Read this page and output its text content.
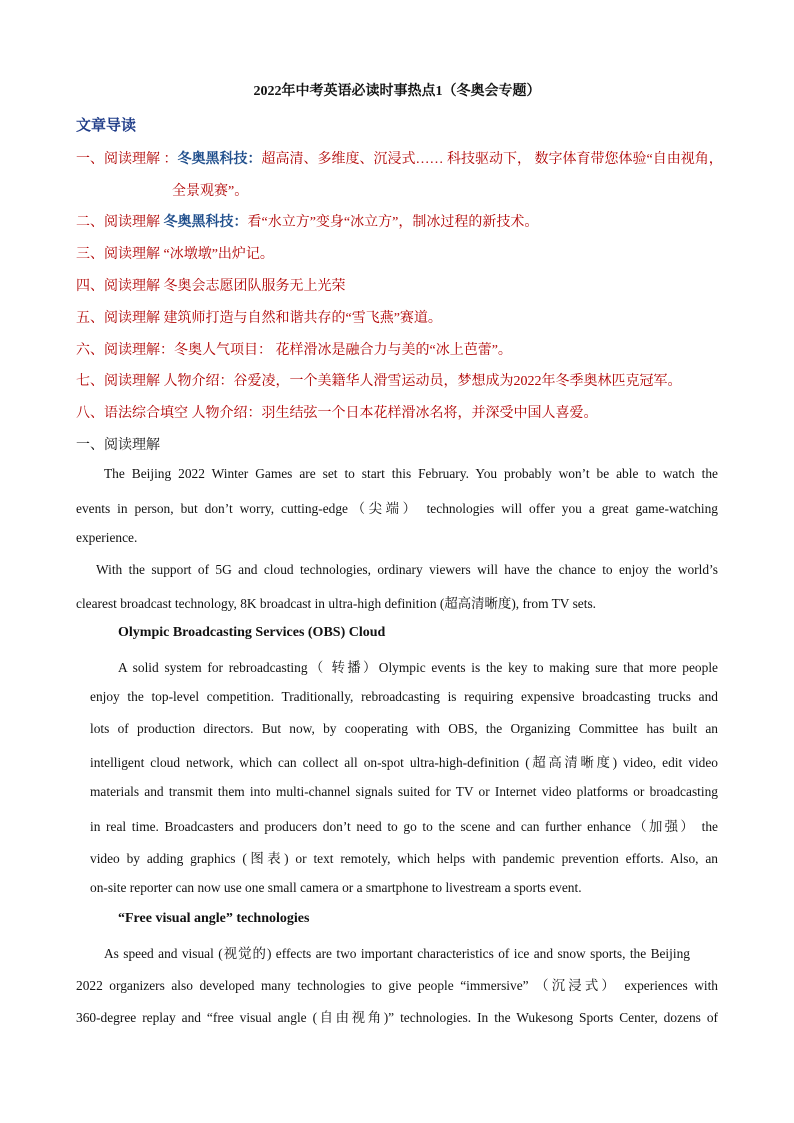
2022年中考英语必读时事热点1（冬奥会专题）
文章导读
一、阅读理解 ：冬奥黑科技：超高清、多维度、沉浸式…… 科技驱动下， 数字体育带您体验“自由视角，
全景观赛”。
二、阅读理解 冬奥黑科技：看“水立方”变身“冰立方”，制冰过程的新技术。
三、阅读理解 “冰墩墩”出炉记。
四、阅读理解 冬奥会志愿团队服务无上光荣
五、阅读理解 建筑师打造与自然和谐共存的“雪飞燕”赛道。
六、阅读理解：冬奥人气项目： 花样滑冰是融合力与美的“冰上芭蕾”。
七、阅读理解 人物介绍：谷爱凌，一个美籍华人滑雪运动员，梦想成为2022年冬季奥林匹克冠军。
八、语法综合填空 人物介绍：羽生结弦一个日本花样滑冰名将，并深受中国人喜爱。
一、阅读理解
The Beijing 2022 Winter Games are set to start this February. You probably won’t be able to watch the
events in person, but don’t worry, cutting-edge（尖端） technologies will offer you a great game-watching
experience.
With the support of 5G and cloud technologies, ordinary viewers will have the chance to enjoy the world’s
clearest broadcast technology, 8K broadcast in ultra-high definition (超高清晰度), from TV sets.
Olympic Broadcasting Services (OBS) Cloud
A solid system for rebroadcasting（ 转播）Olympic events is the key to making sure that more people
enjoy the top-level competition. Traditionally, rebroadcasting is requiring expensive broadcasting trucks and
lots of production directors. But now, by cooperating with OBS, the Organizing Committee has built an
intelligent cloud network, which can collect all on-spot ultra-high-definition (超高清晰度) video, edit video
materials and transmit them into multi-channel signals suited for TV or Internet video platforms or broadcasting
in real time. Broadcasters and producers don’t need to go to the scene and can further enhance（加强） the
video by adding graphics (图表) or text remotely, which helps with pandemic prevention efforts. Also, an
on-site reporter can now use one small camera or a smartphone to livestream a sports event.
“Free visual angle” technologies
As speed and visual (视觉的) effects are two important characteristics of ice and snow sports, the Beijing
2022 organizers also developed many technologies to give people “immersive” （沉浸式） experiences with
360-degree replay and “free visual angle (自由视角)” technologies. In the Wukesong Sports Center, dozens of
